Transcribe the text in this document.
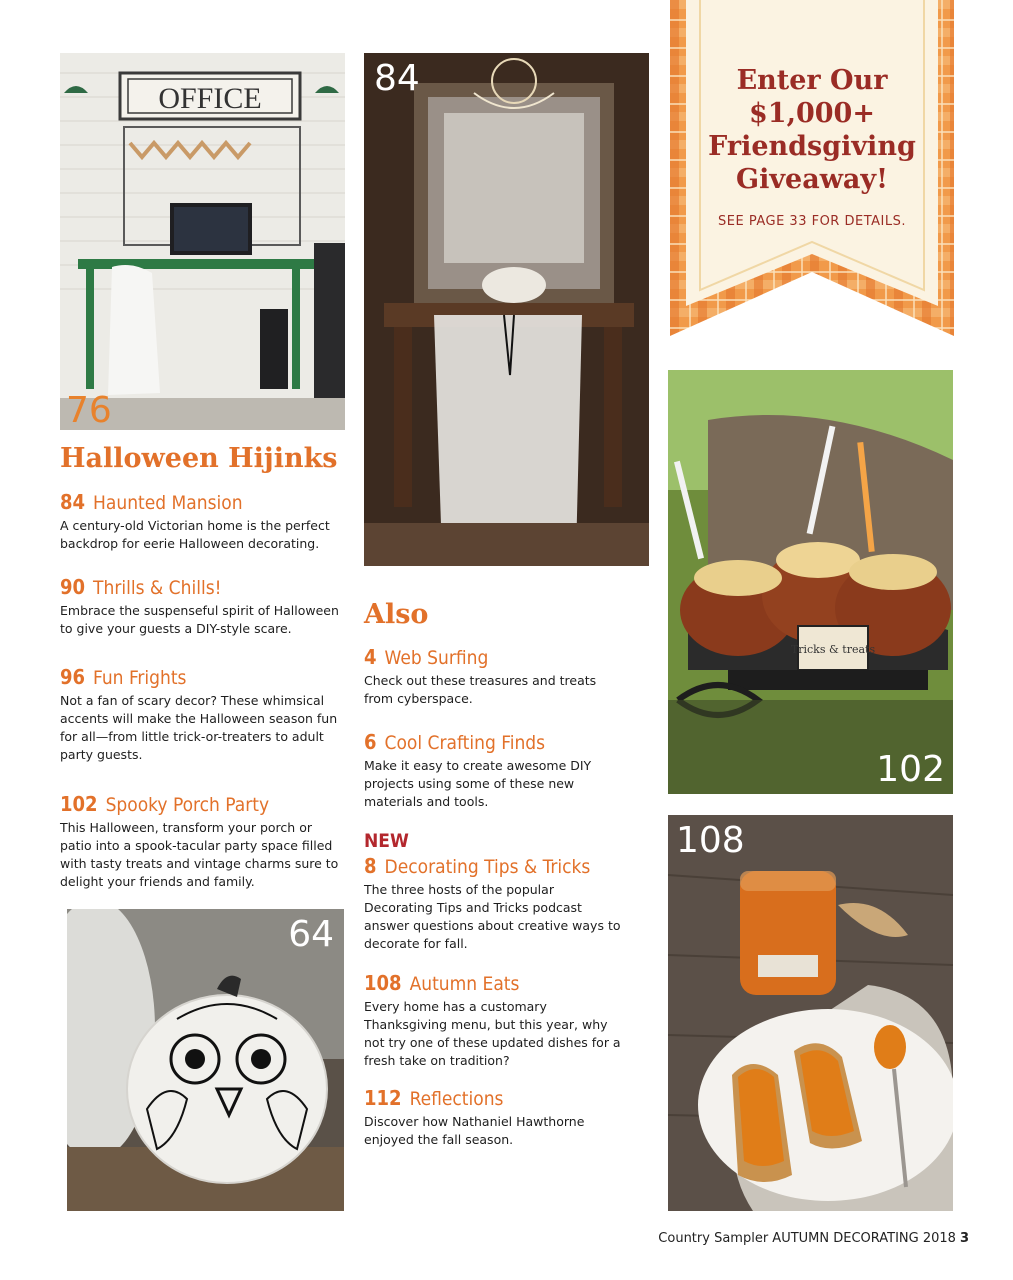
OFFICE
76
84	Enter Our
$1,000+
Friendsgiving
Giveaway!

SEE PAGE 33 FOR DETAILS.

Tricks & treats
102
108
64
Halloween Hijinks
84 Haunted Mansion

A century-old Victorian home is the perfect backdrop for eerie Halloween decorating.

90 Thrills & Chills!

Embrace the suspenseful spirit of Halloween to give your guests a DIY-style scare.

96 Fun Frights

Not a fan of scary decor? These whimsical accents will make the Halloween season fun for all—from little trick-or-treaters to adult party guests.

102 Spooky Porch Party

This Halloween, transform your porch or patio into a spook-tacular party space filled with tasty treats and vintage charms sure to delight your friends and family.

Also
4 Web Surfing

Check out these treasures and treats from cyberspace.

6 Cool Crafting Finds

Make it easy to create awesome DIY projects using some of these new materials and tools.

NEW

8 Decorating Tips & Tricks

The three hosts of the popular Decorating Tips and Tricks podcast answer questions about creative ways to decorate for fall.

108 Autumn Eats

Every home has a customary Thanksgiving menu, but this year, why not try one of these updated dishes for a fresh take on tradition?

112 Reflections

Discover how Nathaniel Hawthorne enjoyed the fall season.

Country Sampler AUTUMN DECORATING 2018 3
